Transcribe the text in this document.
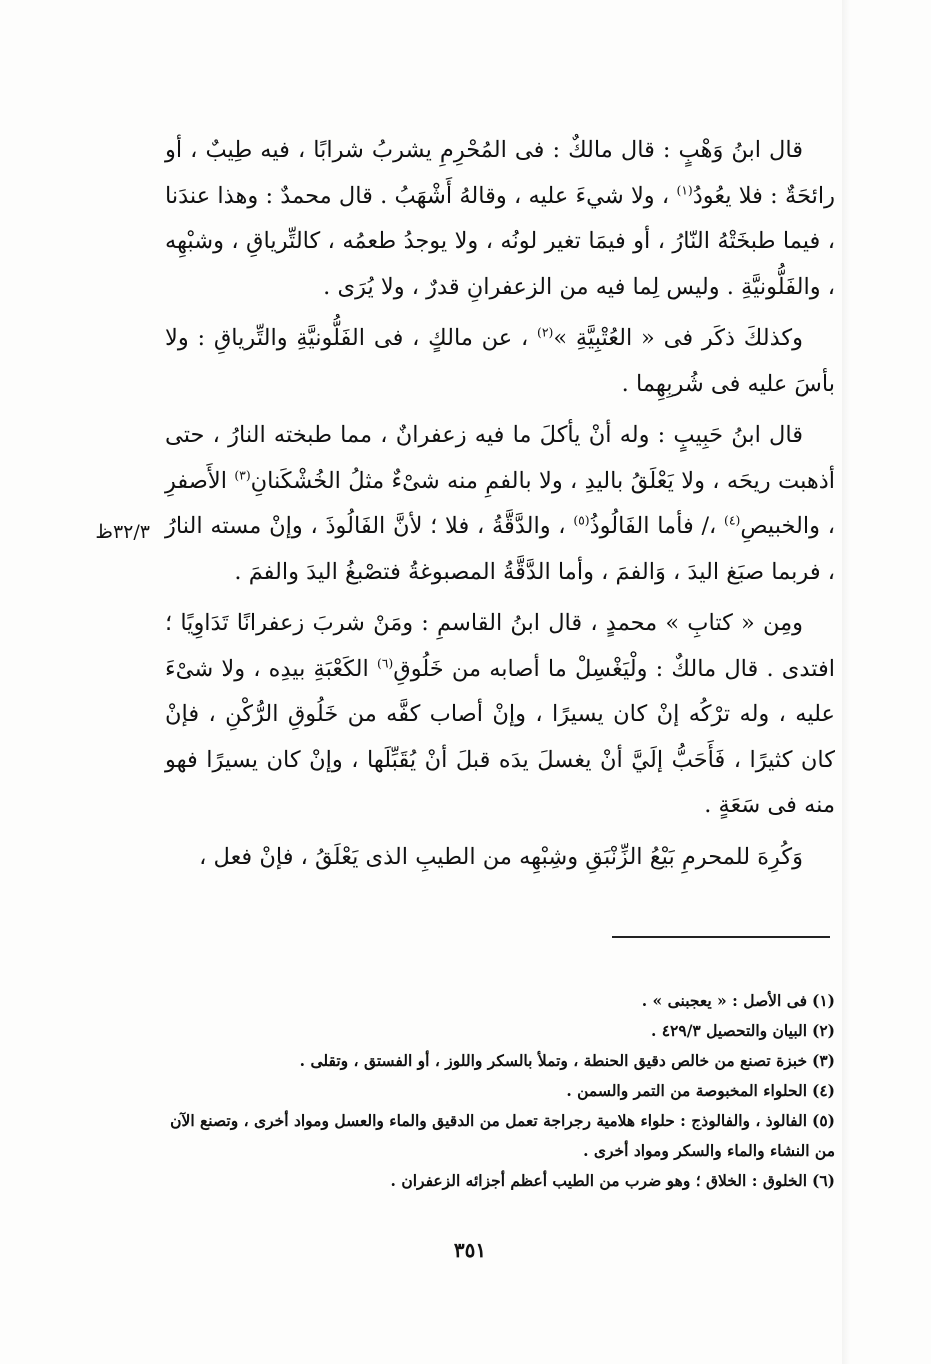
قال ابنُ وَهْبٍ : قال مالكٌ : فى المُحْرِمِ يشربُ شرابًا ، فيه طِيبٌ ، أو رائحَةٌ : فلا يعُودُ$^{(١)}$ ، ولا شيءَ عليه ، وقالهُ أَشْهَبُ . قال محمدٌ : وهذا عندَنا ، فيما طبخَتْهُ النّارُ ، أو فيمَا تغير لونُه ، ولا يوجدُ طعمُه ، كالتِّرياقِ ، وشبْهِه ، والفَلُّونيَّةِ . وليس لِما فيه من الزعفرانِ قدرٌ ، ولا يُرَى .

وكذلكَ ذكَر فى « العُتْبِيَّةِ »$^{(٢)}$ ، عن مالكٍ ، فى الفَلُّونيَّةِ والتِّرياقِ : ولا بأسَ عليه فى شُربِهِما .

قال ابنُ حَبِيبٍ : وله أنْ يأكلَ ما فيه زعفرانٌ ، مما طبخته النارُ ، حتى أذهبت ريحَه ، ولا يَعْلَقُ باليدِ ، ولا بالفمِ منه شىْءٌ مثلُ الخُشْكَنانِ$^{(٣)}$ الأَصفرِ ، والخبيصِ$^{(٤)}$ ،/ فأما الفَالُوذُ$^{(٥)}$ ، والدَّقَّةُ ، فلا ؛ لأنَّ الفَالُوذَ ، وإنْ مسته النارُ ، فربما صبَغ اليدَ ، وَالفمَ ، وأما الدَّقَّةُ المصبوغةُ فتصْبغُ اليدَ والفمَ .

ومِن « كتابِ » محمدٍ ، قال ابنُ القاسمِ : ومَنْ شربَ زعفرانًا تَدَاوِيًا ؛ افتدى . قال مالكٌ : ولْيَغْسِلْ ما أصابه من خَلُوقِ$^{(٦)}$ الكَعْبَةِ بيدِه ، ولا شىْءَ عليه ، وله ترْكُه إنْ كان يسيرًا ، وإنْ أصاب كفَّه من خَلُوقِ الرُّكْنِ ، فإنْ كان كثيرًا ، فَأَحَبُّ إلَيَّ أنْ يغسلَ يدَه قبلَ أنْ يُقَبِّلَها ، وإنْ كان يسيرًا فهو منه فى سَعَةٍ .

وَكُرِهَ للمحرمِ بَيْعُ الزِّنْبَقِ وشِبْهِه من الطيبِ الذى يَعْلَقُ ، فإنْ فعل ،

٣٢/٣ظ

(١) فى الأصل : « يعجبنى » .

(٢) البيان والتحصيل ٤٢٩/٣ .

(٣) خبزة تصنع من خالص دقيق الحنطة ، وتملأ بالسكر واللوز ، أو الفستق ، وتقلى .

(٤) الحلواء المخبوصة من التمر والسمن .

(٥) الفالوذ ، والفالوذج : حلواء هلامية رجراجة تعمل من الدقيق والماء والعسل ومواد أخرى ، وتصنع الآن من النشاء والماء والسكر ومواد أخرى .

(٦) الخلوق : الخلاق ؛ وهو ضرب من الطيب أعظم أجزائه الزعفران .

٣٥١
